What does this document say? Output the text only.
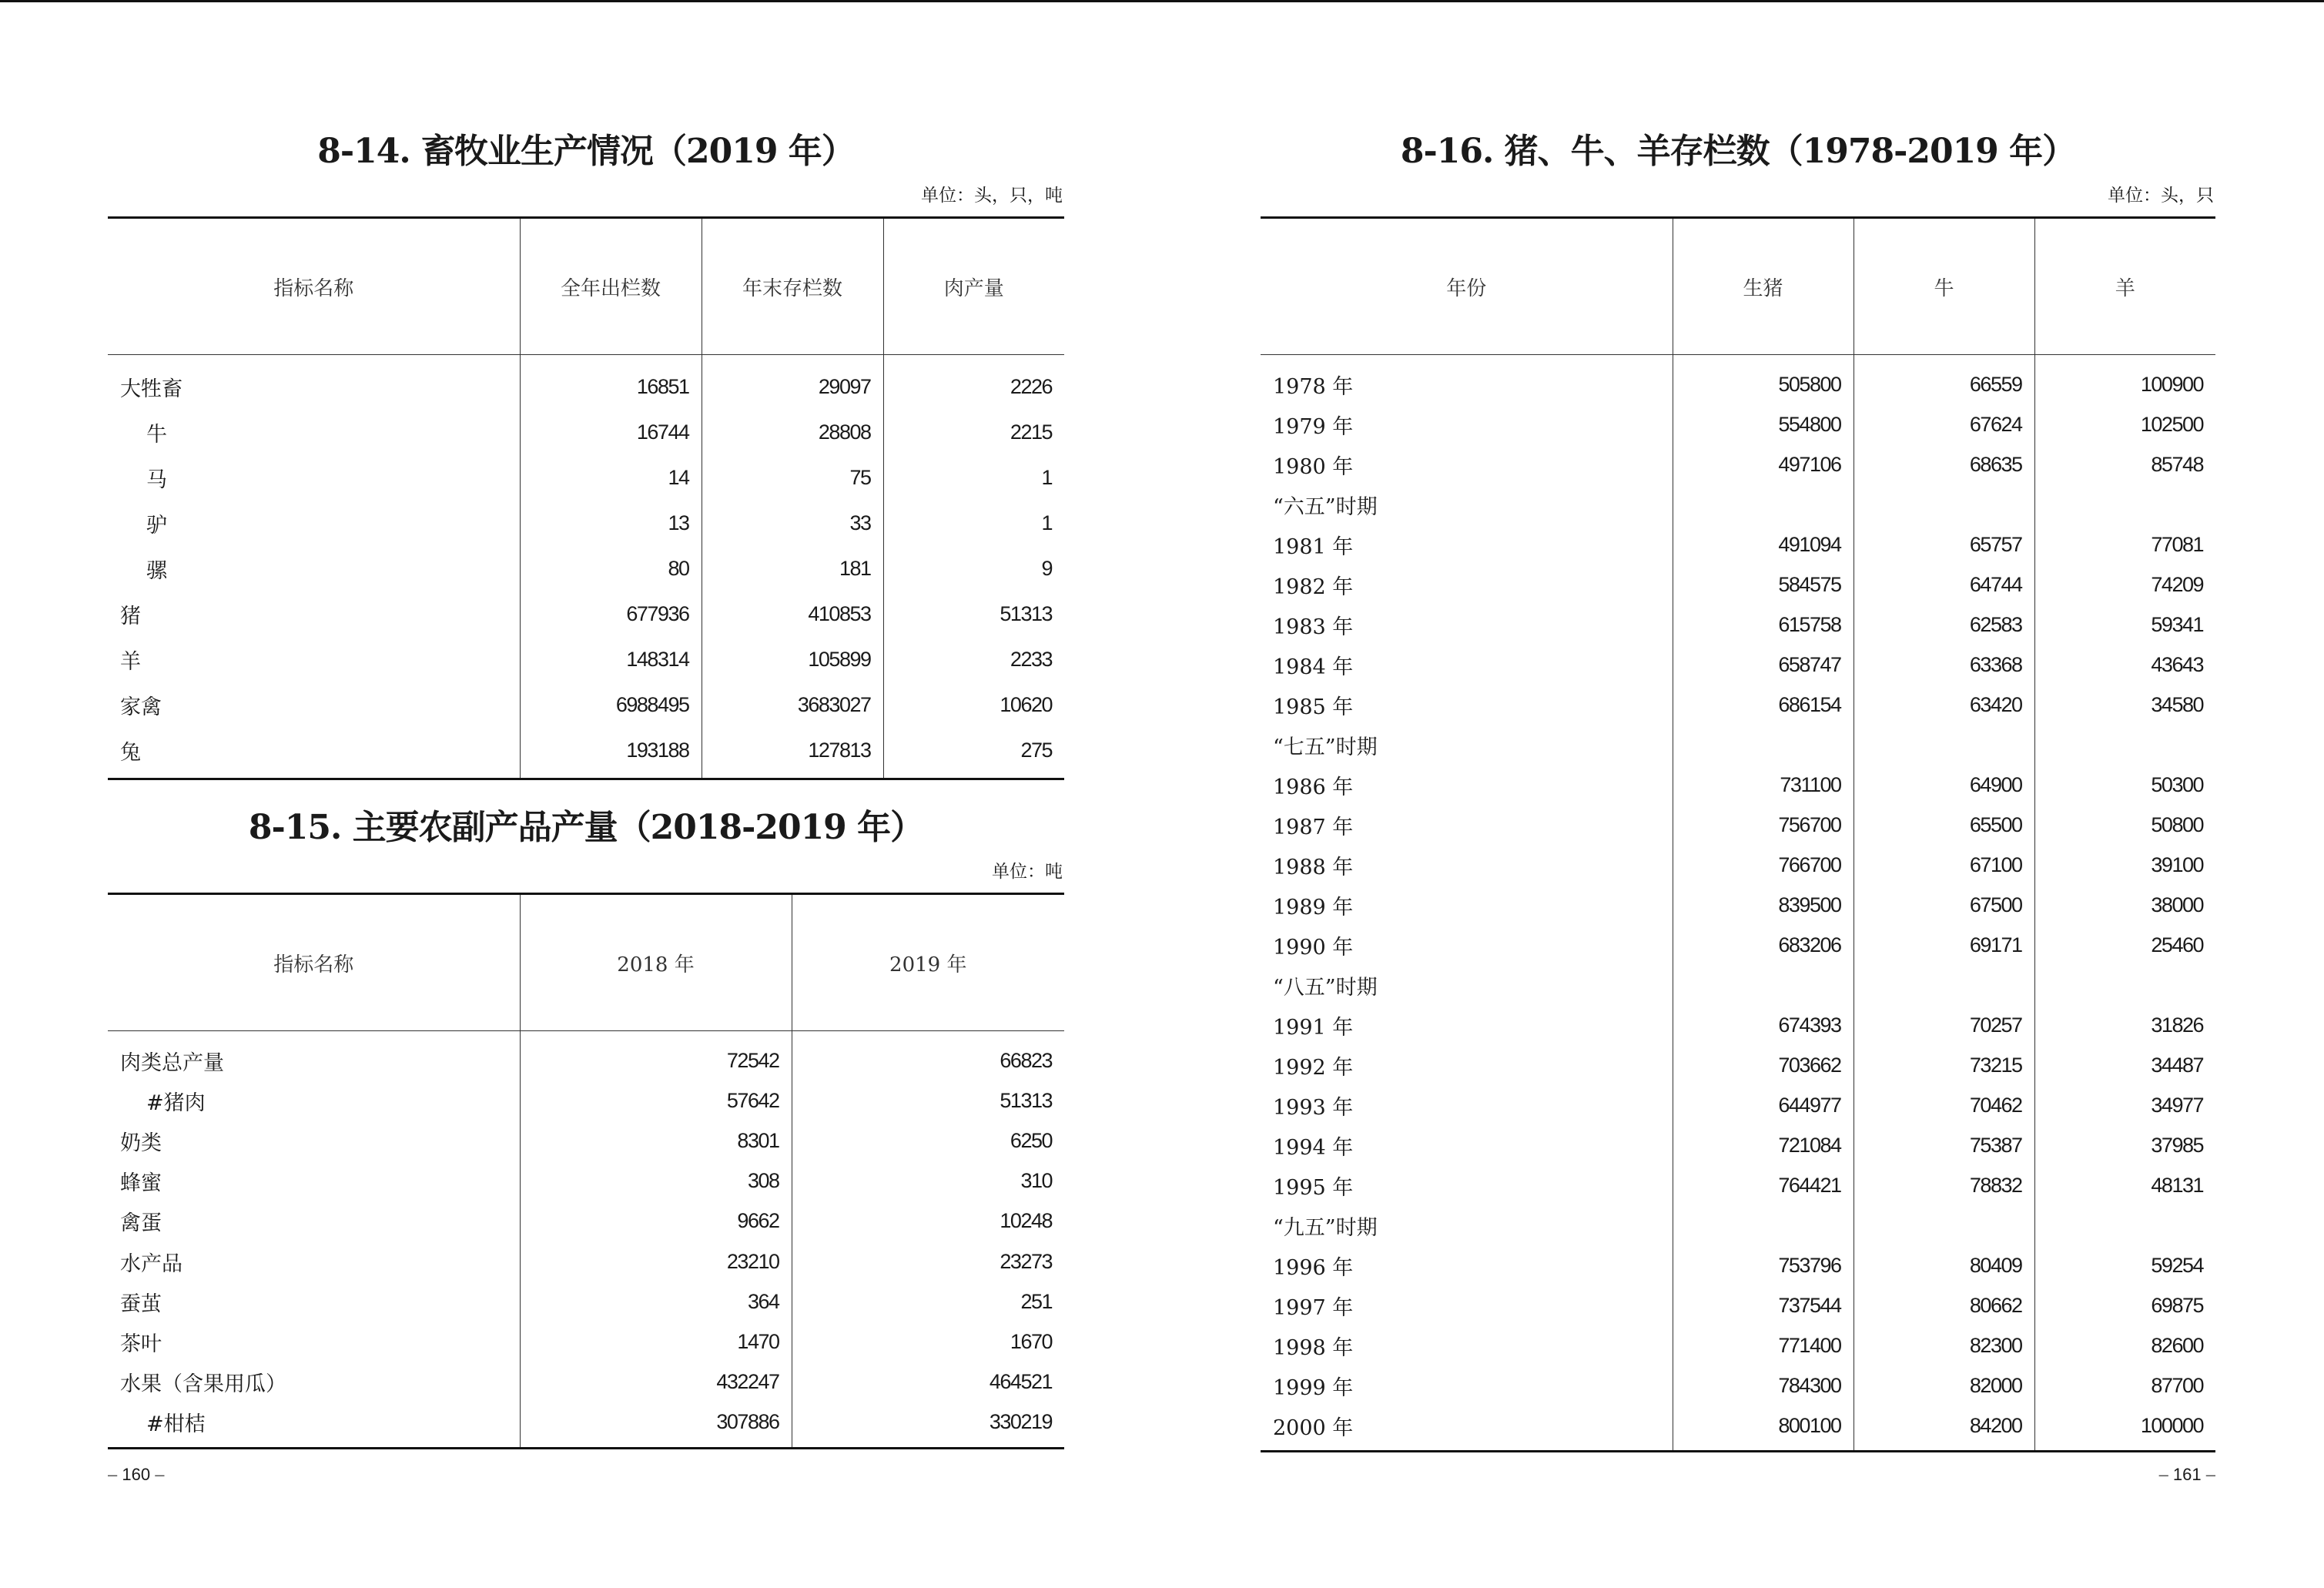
8-14. 畜牧业生产情况（2019 年）
单位：头，只，吨
指标名称	全年出栏数	年末存栏数	肉产量
大牲畜	16851	29097	2226
牛	16744	28808	2215
马	14	75	1
驴	13	33	1
骡	80	181	9
猪	677936	410853	51313
羊	148314	105899	2233
家禽	6988495	3683027	10620
兔	193188	127813	275
8-15. 主要农副产品产量（2018-2019 年）
单位：吨
指标名称	2018 年	2019 年
肉类总产量	72542	66823
#猪肉	57642	51313
奶类	8301	6250
蜂蜜	308	310
禽蛋	9662	10248
水产品	23210	23273
蚕茧	364	251
茶叶	1470	1670
水果（含果用瓜）	432247	464521
#柑桔	307886	330219
– 160 –
8-16. 猪、牛、羊存栏数（1978-2019 年）
单位：头，只
年份	生猪	牛	羊
1978 年	505800	66559	100900
1979 年	554800	67624	102500
1980 年	497106	68635	85748
“六五”时期			
1981 年	491094	65757	77081
1982 年	584575	64744	74209
1983 年	615758	62583	59341
1984 年	658747	63368	43643
1985 年	686154	63420	34580
“七五”时期			
1986 年	731100	64900	50300
1987 年	756700	65500	50800
1988 年	766700	67100	39100
1989 年	839500	67500	38000
1990 年	683206	69171	25460
“八五”时期			
1991 年	674393	70257	31826
1992 年	703662	73215	34487
1993 年	644977	70462	34977
1994 年	721084	75387	37985
1995 年	764421	78832	48131
“九五”时期			
1996 年	753796	80409	59254
1997 年	737544	80662	69875
1998 年	771400	82300	82600
1999 年	784300	82000	87700
2000 年	800100	84200	100000
– 161 –
